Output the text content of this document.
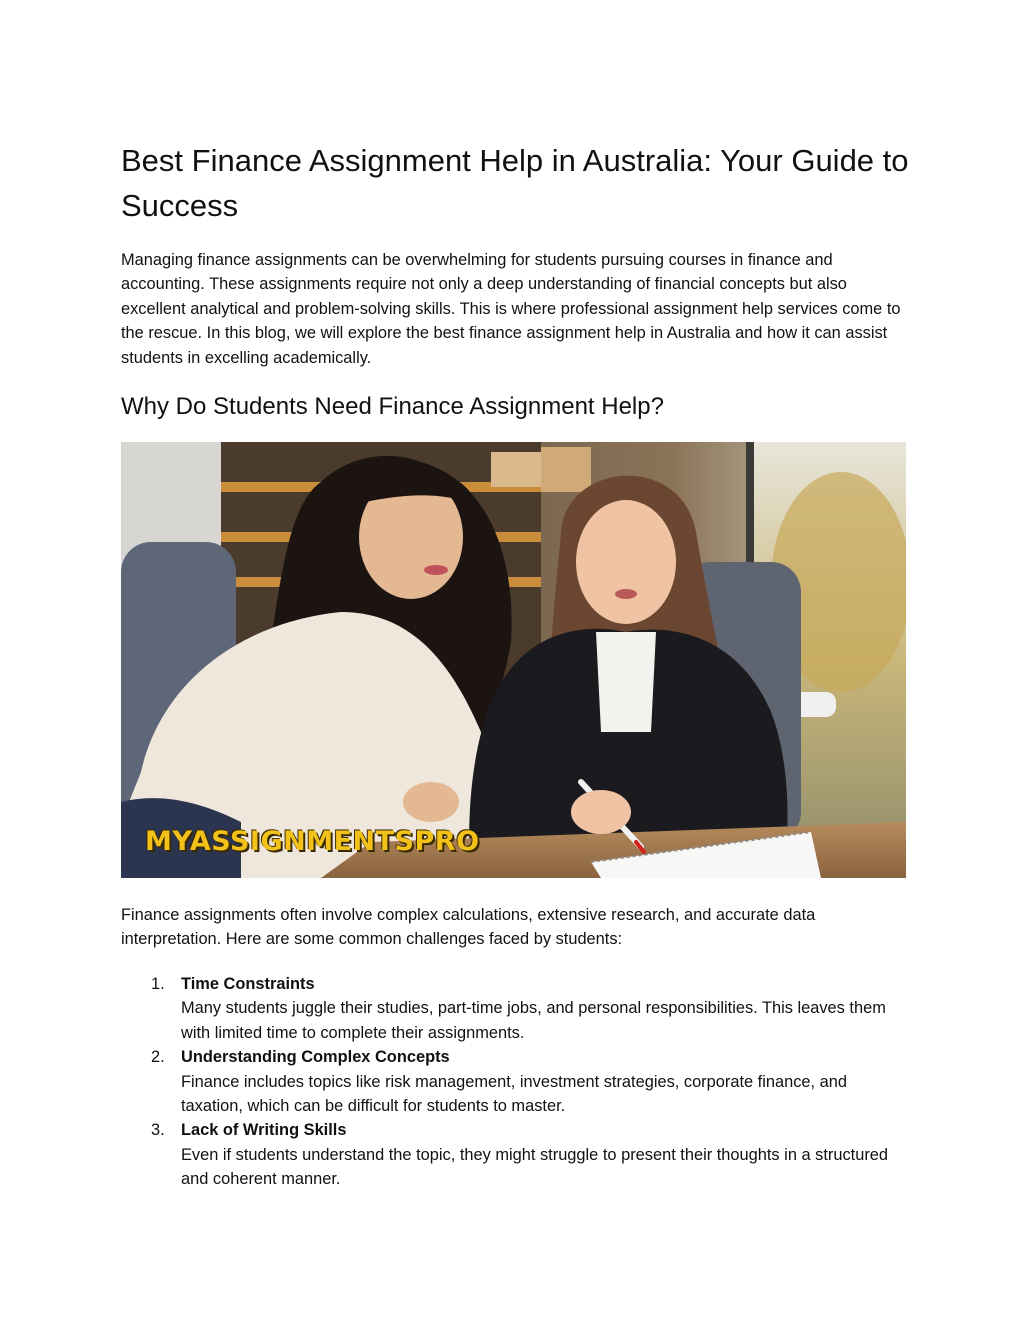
Best Finance Assignment Help in Australia: Your Guide to Success

Managing finance assignments can be overwhelming for students pursuing courses in finance and accounting. These assignments require not only a deep understanding of financial concepts but also excellent analytical and problem-solving skills. This is where professional assignment help services come to the rescue. In this blog, we will explore the best finance assignment help in Australia and how it can assist students in excelling academically.

Why Do Students Need Finance Assignment Help?
MYASSIGNMENTSPRO

Finance assignments often involve complex calculations, extensive research, and accurate data interpretation. Here are some common challenges faced by students:

1. Time Constraints
Many students juggle their studies, part-time jobs, and personal responsibilities. This leaves them with limited time to complete their assignments.
2. Understanding Complex Concepts
Finance includes topics like risk management, investment strategies, corporate finance, and taxation, which can be difficult for students to master.
3. Lack of Writing Skills
Even if students understand the topic, they might struggle to present their thoughts in a structured and coherent manner.
